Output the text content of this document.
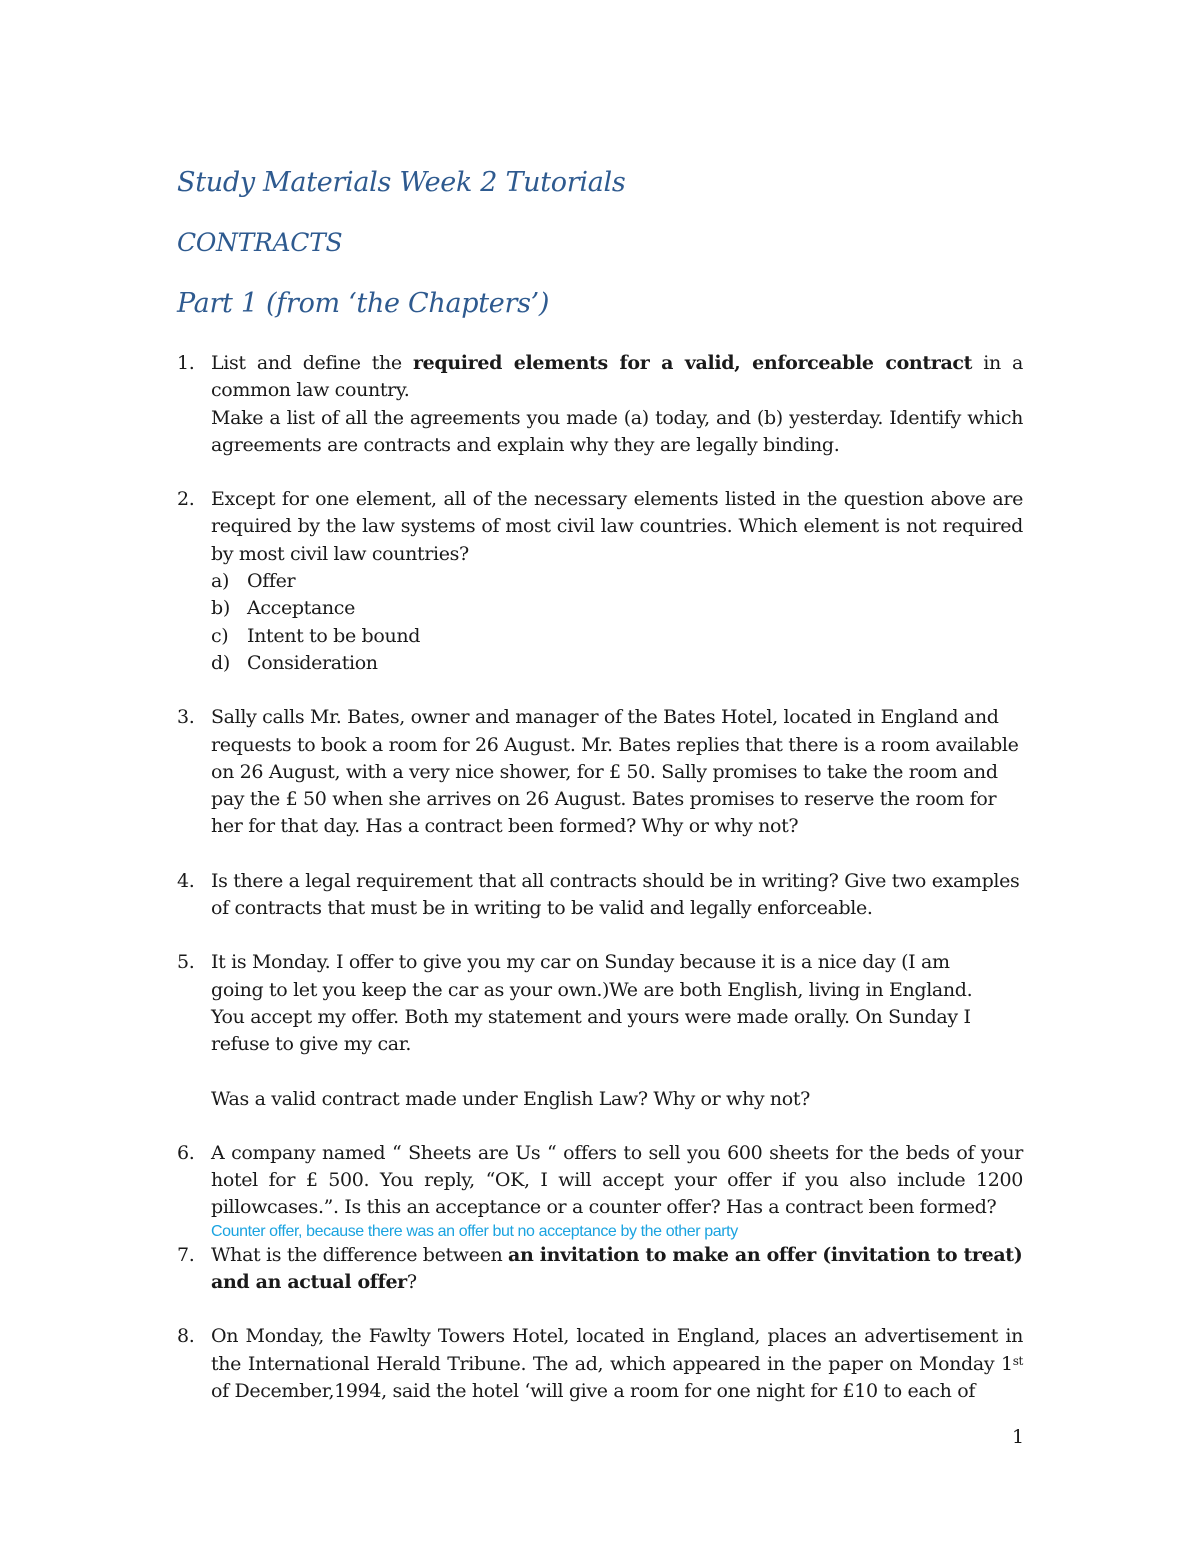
Study Materials Week 2 Tutorials
CONTRACTS
Part 1 (from ‘the Chapters’)
1. List and define the required elements for a valid, enforceable contract in a common law country.

Make a list of all the agreements you made (a) today, and (b) yesterday. Identify which agreements are contracts and explain why they are legally binding.

2. Except for one element, all of the necessary elements listed in the question above are required by the law systems of most civil law countries. Which element is not required by most civil law countries?

a) Offer
b) Acceptance
c) Intent to be bound
d) Consideration
3. Sally calls Mr. Bates, owner and manager of the Bates Hotel, located in England and requests to book a room for 26 August. Mr. Bates replies that there is a room available on 26 August, with a very nice shower, for £ 50. Sally promises to take the room and pay the £ 50 when she arrives on 26 August. Bates promises to reserve the room for her for that day. Has a contract been formed? Why or why not?

4. Is there a legal requirement that all contracts should be in writing? Give two examples of contracts that must be in writing to be valid and legally enforceable.

5. It is Monday. I offer to give you my car on Sunday because it is a nice day (I am

going to let you keep the car as your own.)We are both English, living in England.

You accept my offer. Both my statement and yours were made orally. On Sunday I

refuse to give my car.

Was a valid contract made under English Law? Why or why not?

6. A company named “ Sheets are Us “ offers to sell you 600 sheets for the beds of your hotel for £ 500. You reply, “OK, I will accept your offer if you also include 1200 pillowcases.”. Is this an acceptance or a counter offer? Has a contract been formed?

Counter offer, because there was an offer but no acceptance by the other party

7. What is the difference between an invitation to make an offer (invitation to treat) and an actual offer?

8. On Monday, the Fawlty Towers Hotel, located in England, places an advertisement in the International Herald Tribune. The ad, which appeared in the paper on Monday 1st of December,1994, said the hotel ‘will give a room for one night for £10 to each of

1
